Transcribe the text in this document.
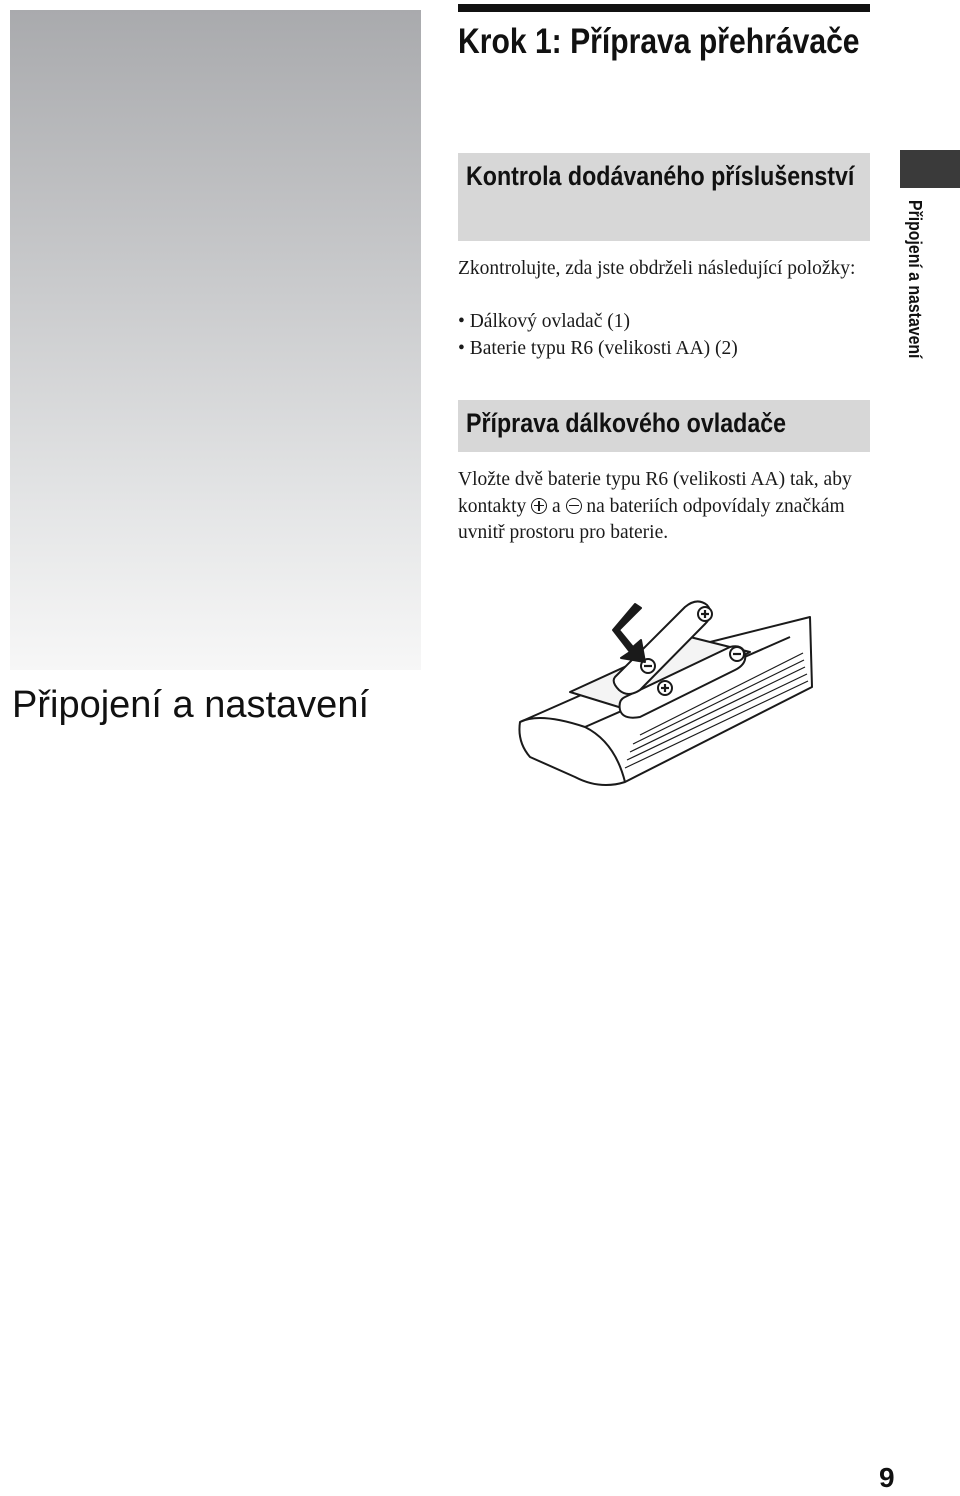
Připojení a nastavení
Krok 1: Příprava přehrávače
Kontrola dodávaného příslušenství

Zkontrolujte, zda jste obdrželi následující položky:

• Dálkový ovladač (1)
• Baterie typu R6 (velikosti AA) (2)
Příprava dálkového ovladače

Vložte dvě baterie typu R6 (velikosti AA) tak, aby kontakty  a  na bateriích odpovídaly značkám uvnitř prostoru pro baterie.

Připojení a nastavení
9
